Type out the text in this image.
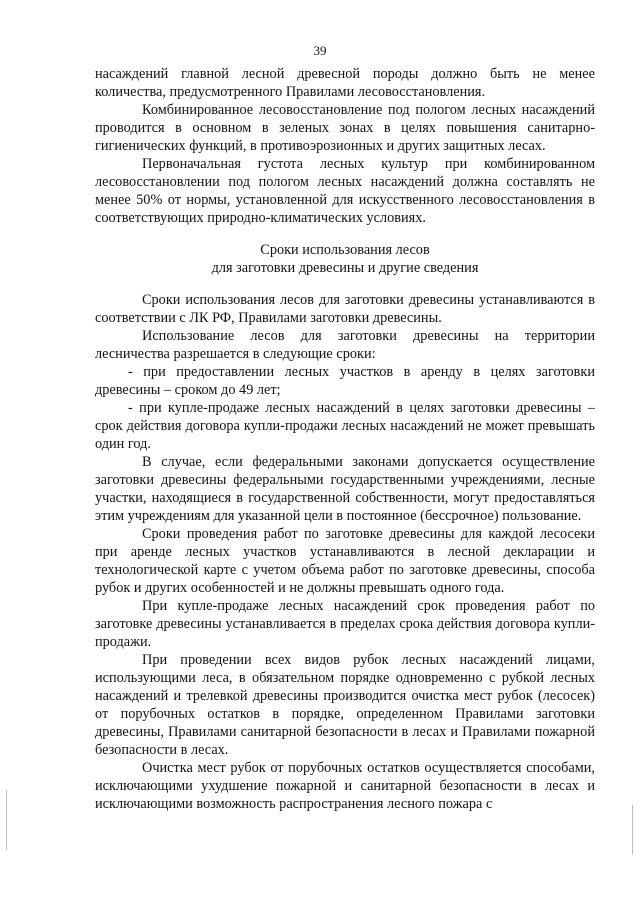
39

насаждений главной лесной древесной породы должно быть не менее количества, предусмотренного Правилами лесовосстановления.

Комбинированное лесовосстановление под пологом лесных насаждений проводится в основном в зеленых зонах в целях повышения санитарно-гигиенических функций, в противоэрозионных и других защитных лесах.

Первоначальная густота лесных культур при комбинированном лесовосстановлении под пологом лесных насаждений должна составлять не менее 50% от нормы, установленной для искусственного лесовосстановления в соответствующих природно-климатических условиях.

Сроки использования лесов
для заготовки древесины и другие сведения

Сроки использования лесов для заготовки древесины устанавливаются в соответствии с ЛК РФ, Правилами заготовки древесины.

Использование лесов для заготовки древесины на территории лесничества разрешается в следующие сроки:

- при предоставлении лесных участков в аренду в целях заготовки древесины – сроком до 49 лет;

- при купле-продаже лесных насаждений в целях заготовки древесины – срок действия договора купли-продажи лесных насаждений не может превышать один год.

В случае, если федеральными законами допускается осуществление заготовки древесины федеральными государственными учреждениями, лесные участки, находящиеся в государственной собственности, могут предоставляться этим учреждениям для указанной цели в постоянное (бессрочное) пользование.

Сроки проведения работ по заготовке древесины для каждой лесосеки при аренде лесных участков устанавливаются в лесной декларации и технологической карте с учетом объема работ по заготовке древесины, способа рубок и других особенностей и не должны превышать одного года.

При купле-продаже лесных насаждений срок проведения работ по заготовке древесины устанавливается в пределах срока действия договора купли-продажи.

При проведении всех видов рубок лесных насаждений лицами, использующими леса, в обязательном порядке одновременно с рубкой лесных насаждений и трелевкой древесины производится очистка мест рубок (лесосек) от порубочных остатков в порядке, определенном Правилами заготовки древесины, Правилами санитарной безопасности в лесах и Правилами пожарной безопасности в лесах.

Очистка мест рубок от порубочных остатков осуществляется способами, исключающими ухудшение пожарной и санитарной безопасности в лесах и исключающими возможность распространения лесного пожара с
